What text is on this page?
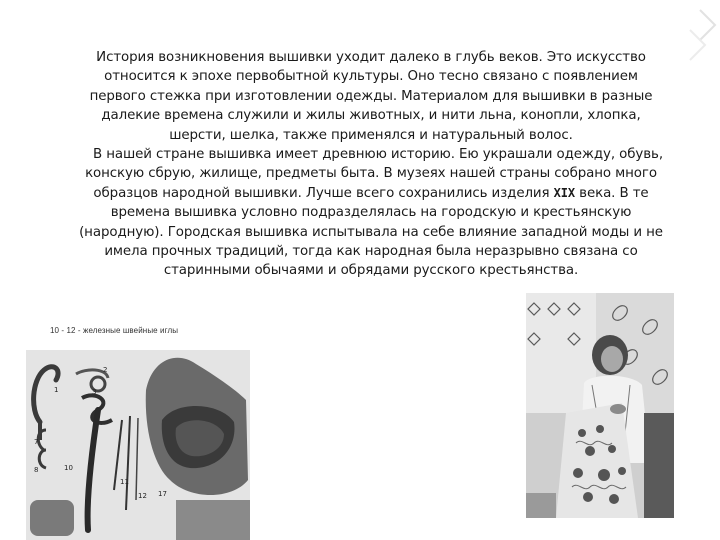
История возникновения вышивки уходит далеко в глубь веков. Это искусство относится к эпохе первобытной культуры. Оно тесно связано с появлением первого стежка при изготовлении одежды. Материалом для вышивки в разные далекие времена служили и жилы животных, и нити льна, конопли, хлопка, шерсти, шелка, также применялся и натуральный волос.

В нашей стране вышивка имеет древнюю историю. Ею украшали одежду, обувь, конскую сбрую, жилище, предметы быта. В музеях нашей страны собрано много образцов народной вышивки. Лучше всего сохранились изделия XIX века. В те времена вышивка условно подразделялась на городскую и крестьянскую (народную). Городская вышивка испытывала на себе влияние западной моды и не имела прочных традиций, тогда как народная была неразрывно связана со старинными обычаями и обрядами русского крестьянства.

10 - 12 - железные швейные иглы
1
2
3
7
8	10
11
12 17
